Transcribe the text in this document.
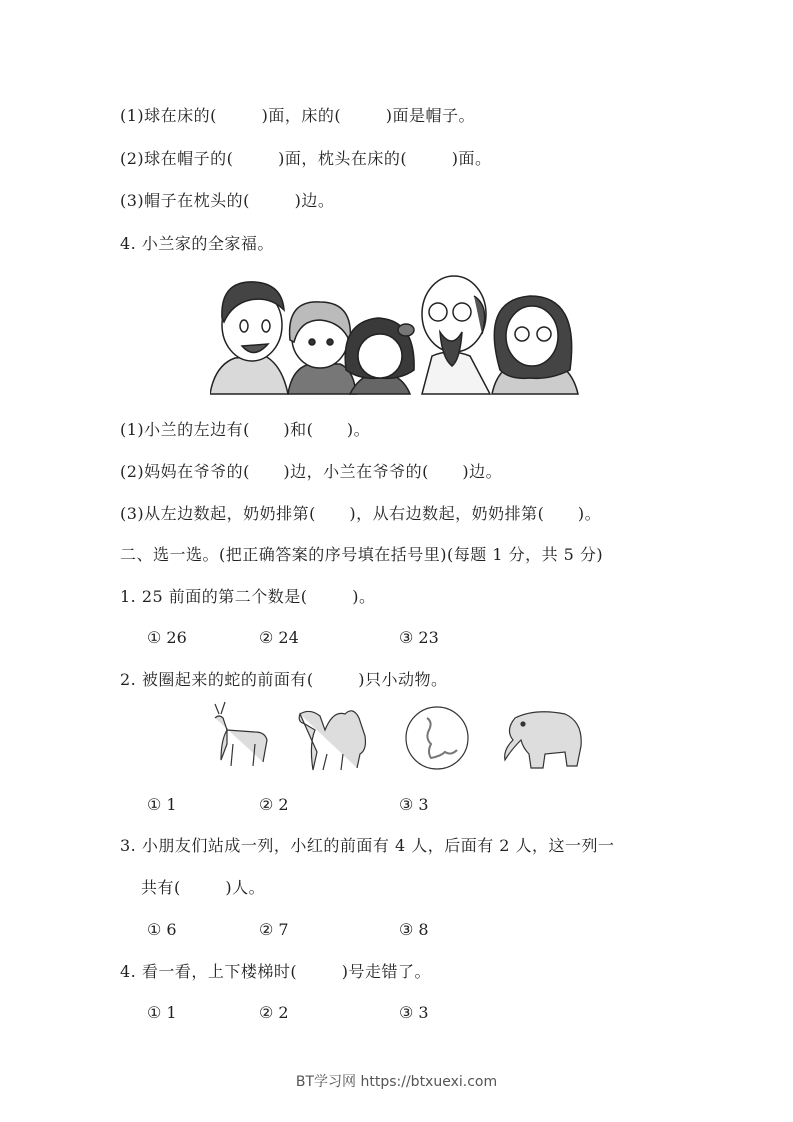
(1)球在床的(        )面，床的(        )面是帽子。
(2)球在帽子的(        )面，枕头在床的(        )面。
(3)帽子在枕头的(        )边。
4. 小兰家的全家福。
(1)小兰的左边有(      )和(      )。
(2)妈妈在爷爷的(      )边，小兰在爷爷的(      )边。
(3)从左边数起，奶奶排第(      )，从右边数起，奶奶排第(      )。
二、选一选。(把正确答案的序号填在括号里)(每题 1 分，共 5 分)
1. 25 前面的第二个数是(        )。
① 26	② 24	③ 23
2. 被圈起来的蛇的前面有(        )只小动物。
① 1	② 2	③ 3
3. 小朋友们站成一列，小红的前面有 4 人，后面有 2 人，这一列一
共有(        )人。
① 6	② 7	③ 8
4. 看一看，上下楼梯时(        )号走错了。
① 1	② 2	③ 3
BT学习网 https://btxuexi.com
